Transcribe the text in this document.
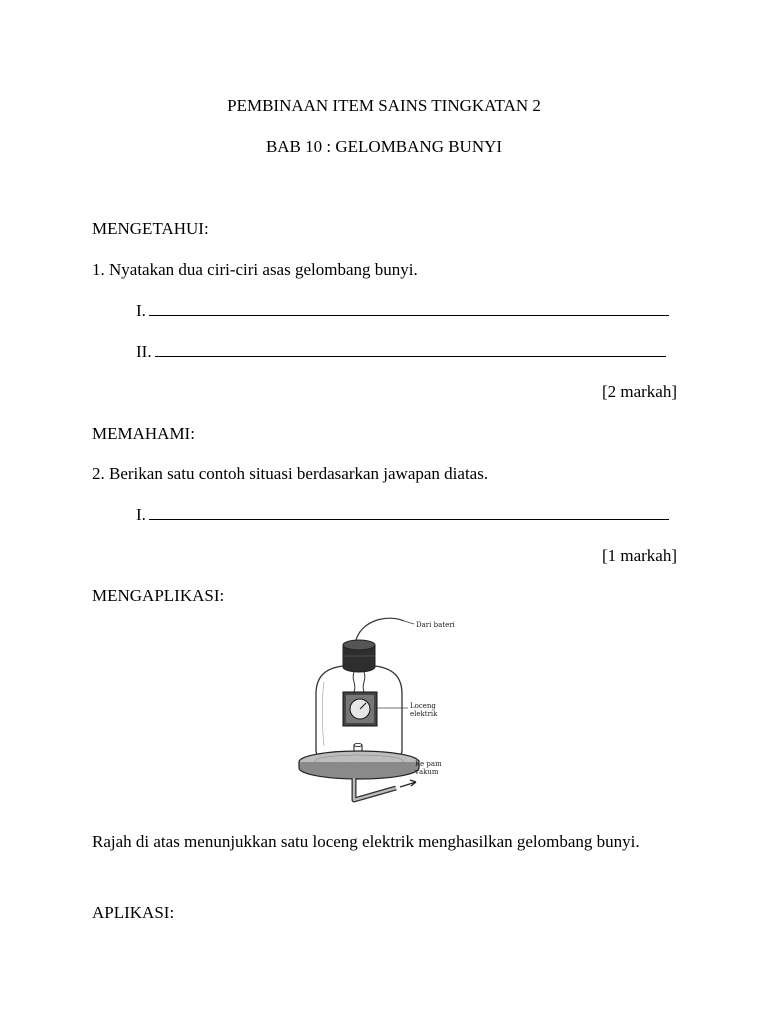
PEMBINAAN ITEM SAINS TINGKATAN 2
BAB 10 : GELOMBANG BUNYI
MENGETAHUI:
1. Nyatakan dua ciri-ciri asas gelombang bunyi.
I.
II.
[2 markah]
MEMAHAMI:
2. Berikan satu contoh situasi berdasarkan jawapan diatas.
I.
[1 markah]
MENGAPLIKASI:
Dari bateri
Loceng
elektrik
Ke pam
vakum
Rajah di atas menunjukkan satu loceng elektrik menghasilkan gelombang bunyi.
APLIKASI:
